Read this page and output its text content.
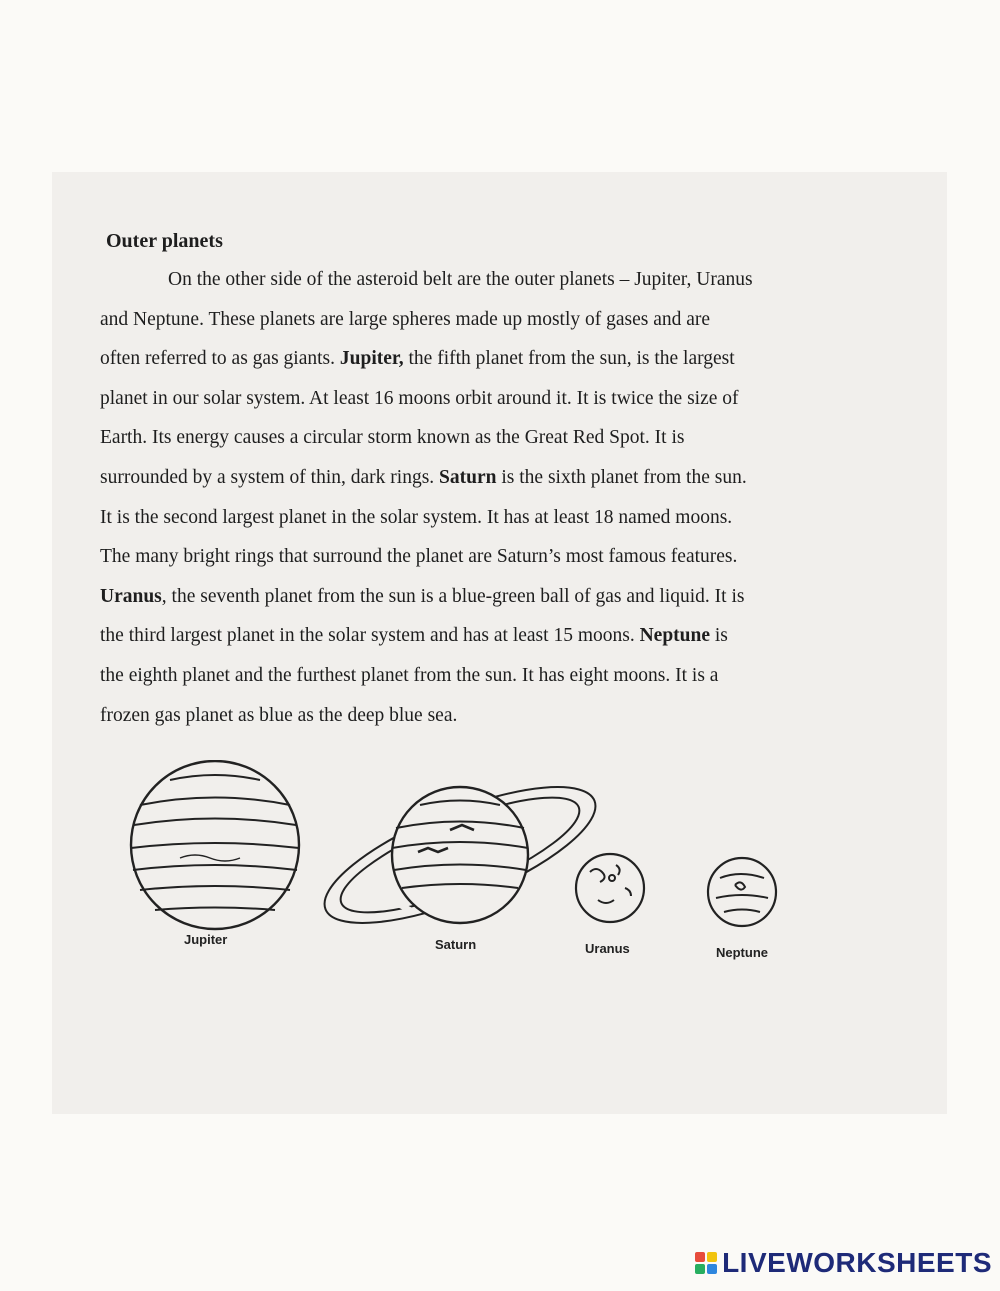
Outer planets
On the other side of the asteroid belt are the outer planets – Jupiter, Uranus
and Neptune. These planets are large spheres made up mostly of gases and are
often referred to as gas giants. Jupiter, the fifth planet from the sun, is the largest
planet in our solar system. At least 16 moons orbit around it. It is twice the size of
Earth. Its energy causes a circular storm known as the Great Red Spot. It is
surrounded by a system of thin, dark rings. Saturn is the sixth planet from the sun.
It is the second largest planet in the solar system. It has at least 18 named moons.
The many bright rings that surround the planet are Saturn’s most famous features.
Uranus, the seventh planet from the sun is a blue-green ball of gas and liquid. It is
the third largest planet in the solar system and has at least 15 moons. Neptune is
the eighth planet and the furthest planet from the sun. It has eight moons. It is a
frozen gas planet as blue as the deep blue sea.
Jupiter	Saturn	Uranus	Neptune
LIVEWORKSHEETS
